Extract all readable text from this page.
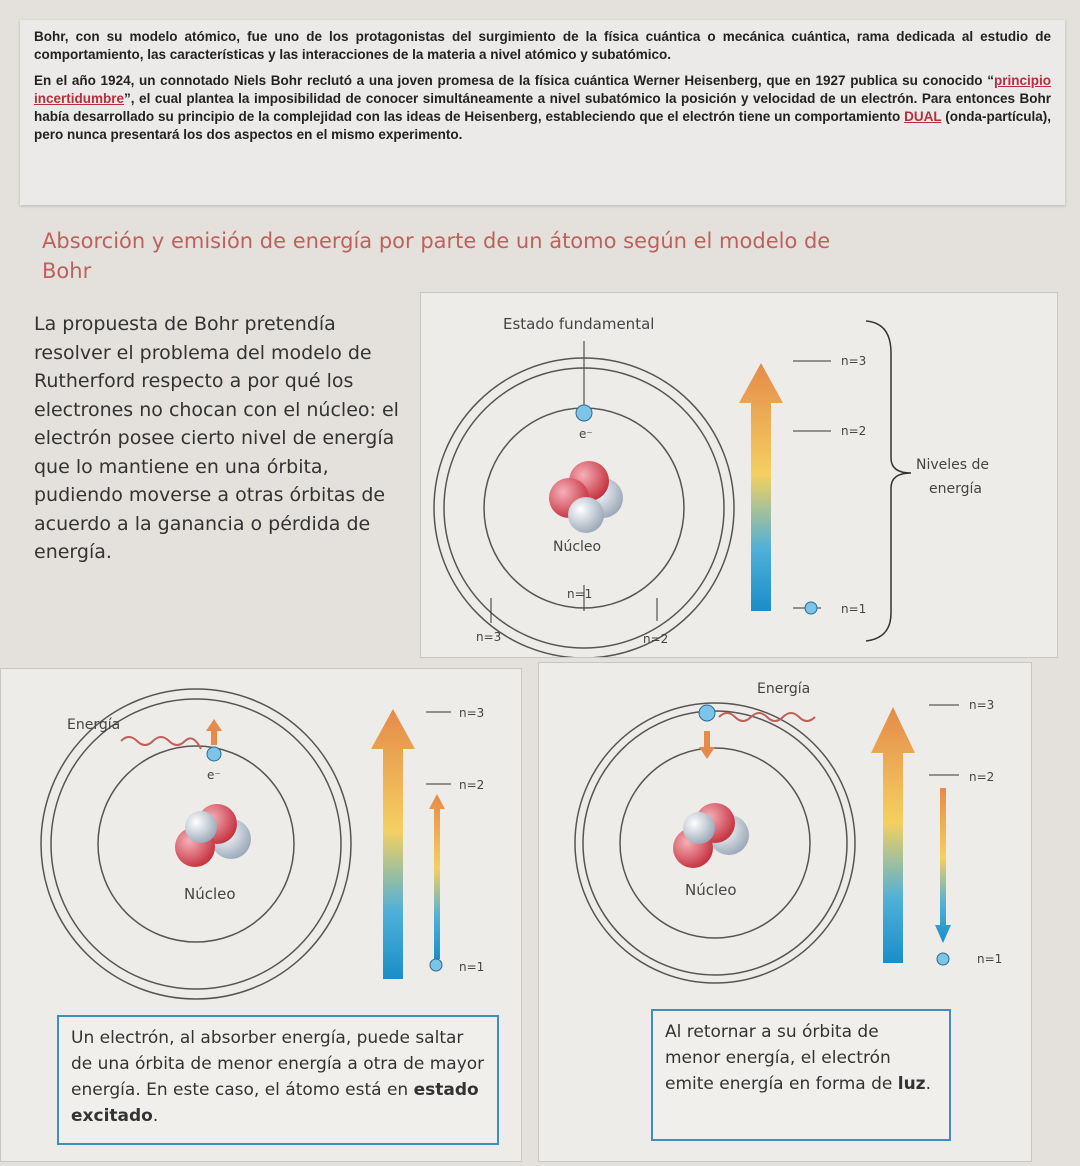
Bohr, con su modelo atómico, fue uno de los protagonistas del surgimiento de la física cuántica o mecánica cuántica, rama dedicada al estudio de comportamiento, las características y las interacciones de la materia a nivel atómico y subatómico.

En el año 1924, un connotado Niels Bohr reclutó a una joven promesa de la física cuántica Werner Heisenberg, que en 1927 publica su conocido “principio incertidumbre”, el cual plantea la imposibilidad de conocer simultáneamente a nivel subatómico la posición y velocidad de un electrón. Para entonces Bohr había desarrollado su principio de la complejidad con las ideas de Heisenberg, estableciendo que el electrón tiene un comportamiento DUAL (onda-partícula), pero nunca presentará los dos aspectos en el mismo experimento.

Absorción y emisión de energía por parte de un átomo según el modelo de Bohr
La propuesta de Bohr pretendía resolver el problema del modelo de Rutherford respecto a por qué los electrones no chocan con el núcleo: el electrón posee cierto nivel de energía que lo mantiene en una órbita, pudiendo moverse a otras órbitas de acuerdo a la ganancia o pérdida de energía.
Estado fundamental
e⁻
Núcleo
n=1
n=3	n=2
n=3
n=2
n=1
Niveles de
energía
Energía
e⁻
Núcleo
n=3
n=2
n=1
Un electrón, al absorber energía, puede saltar de una órbita de menor energía a otra de mayor energía. En este caso, el átomo está en estado excitado.
Energía
Núcleo
n=3
n=2
n=1
Al retornar a su órbita de menor energía, el electrón emite energía en forma de luz.
